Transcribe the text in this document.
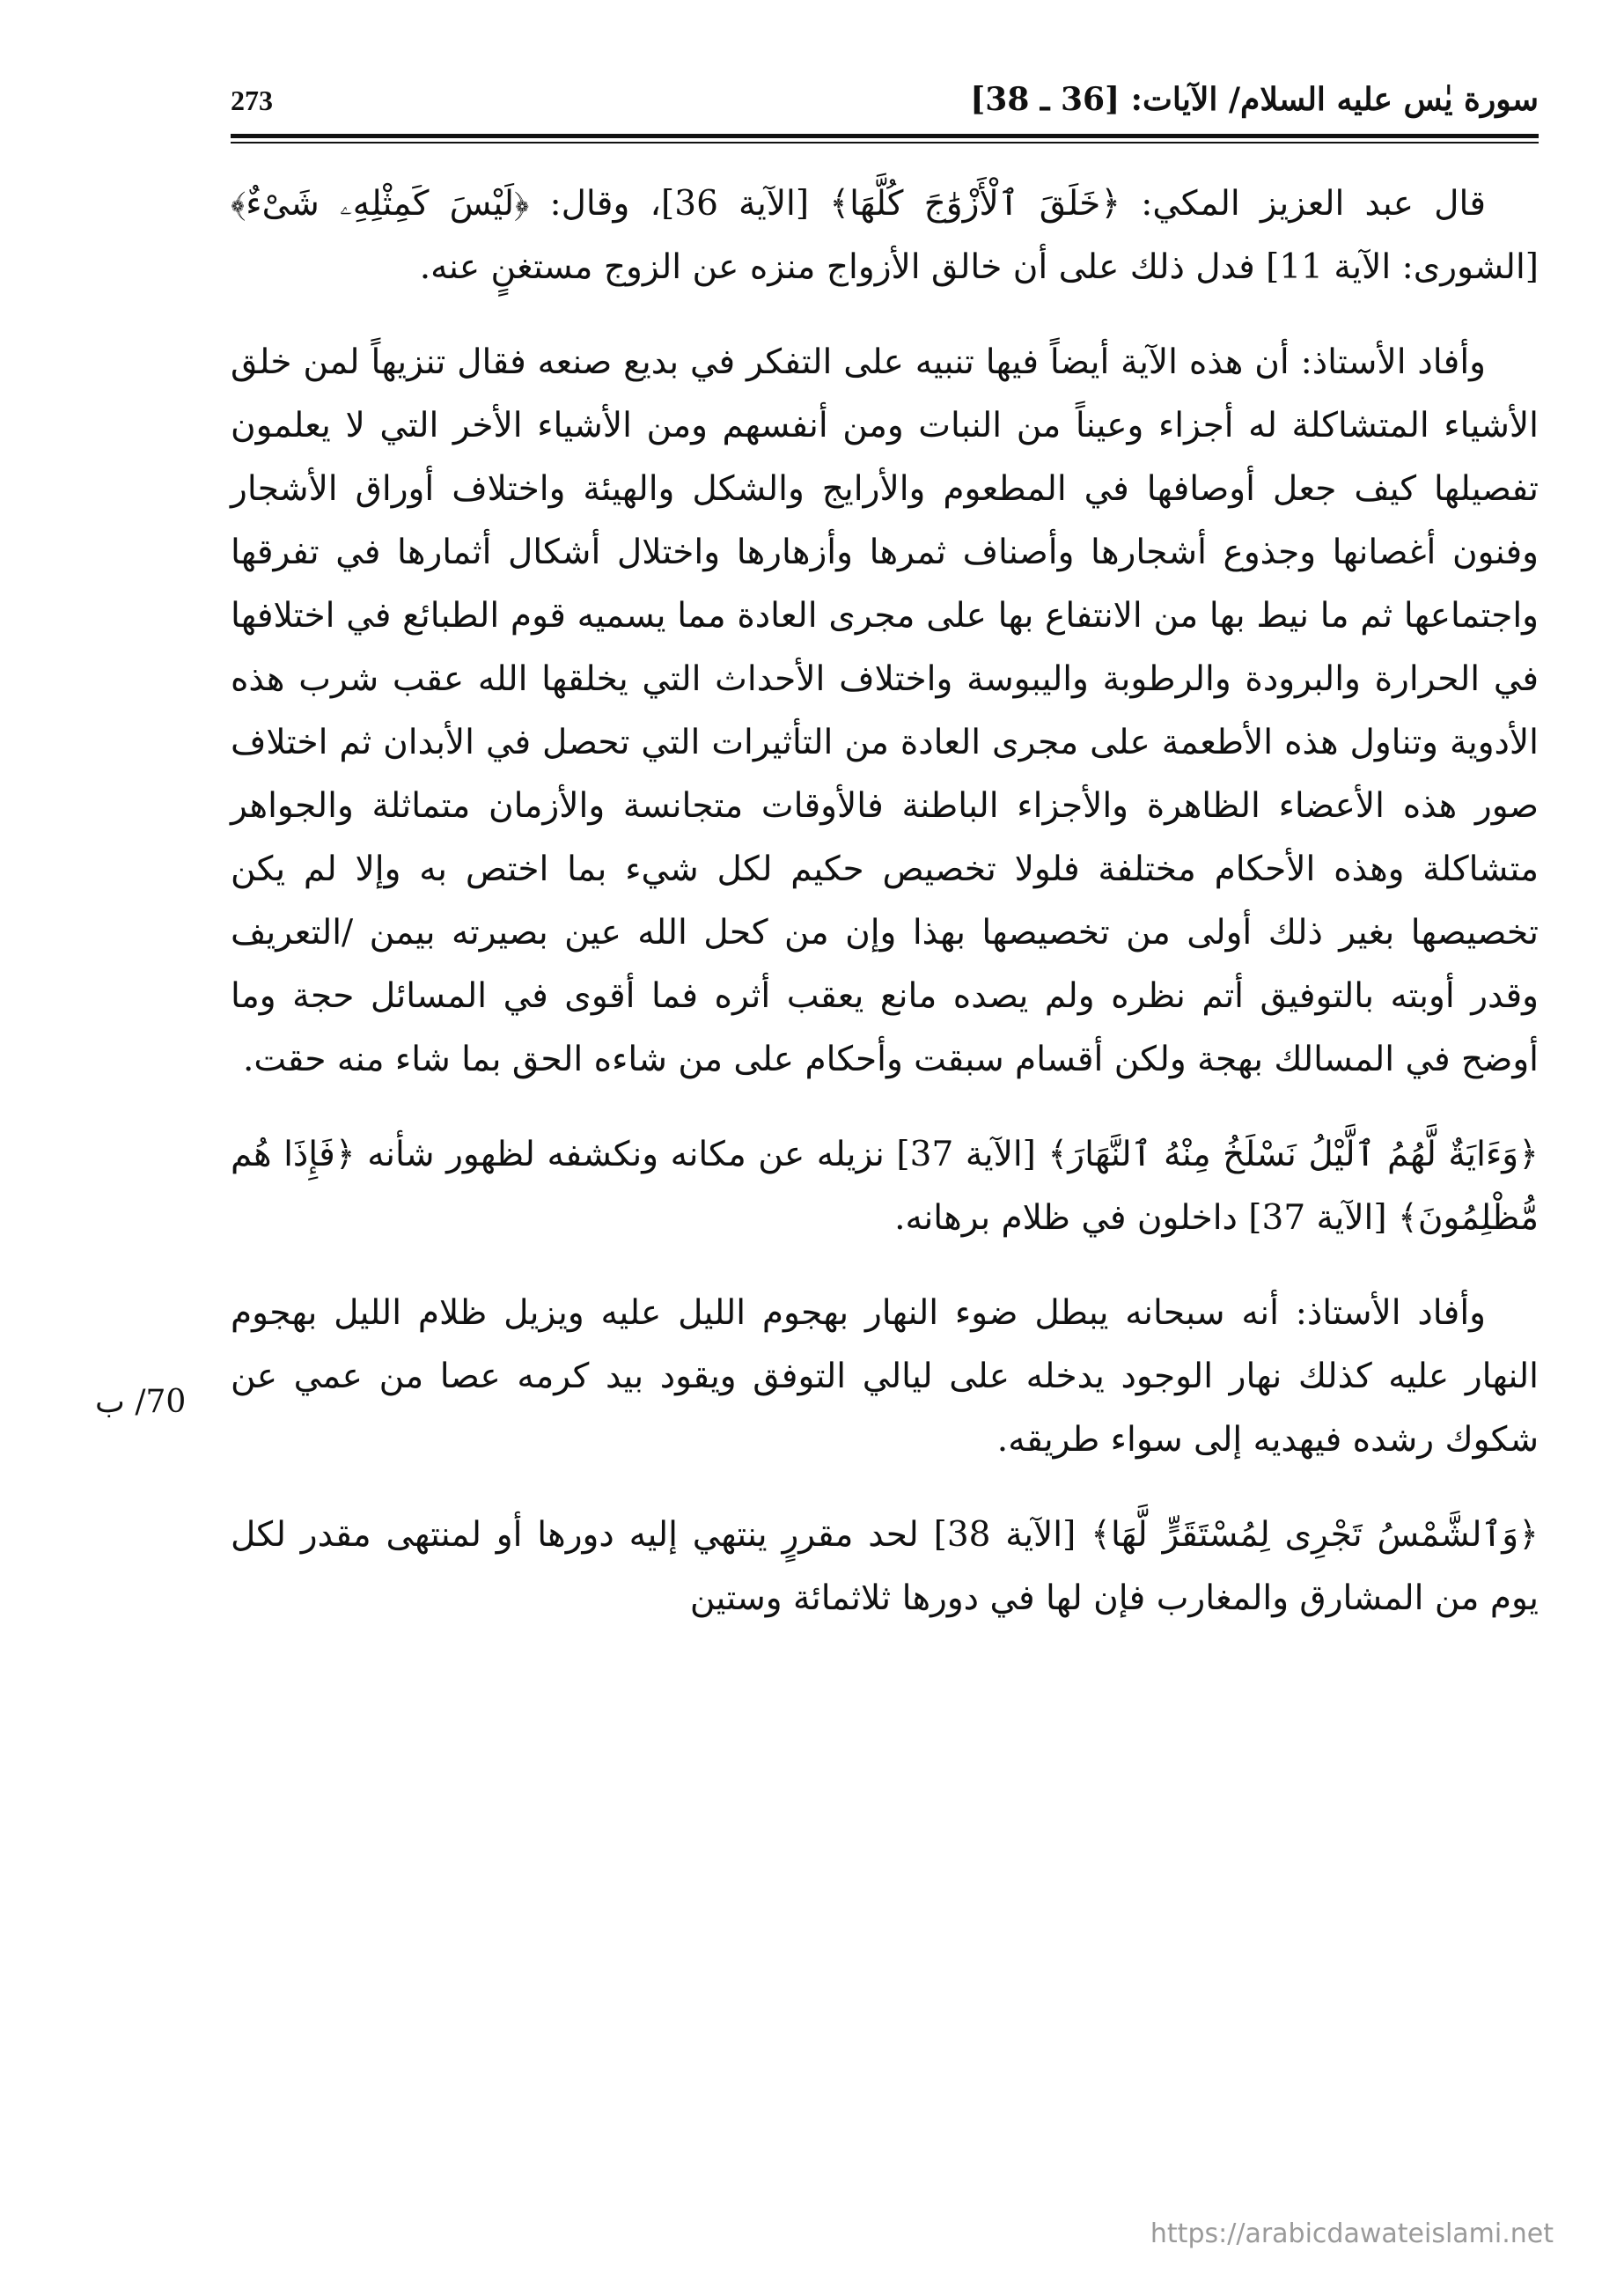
273	سورة يٰس عليه السلام/ الآيات: [36 ـ 38]

قال عبد العزيز المكي: ﴿خَلَقَ ٱلْأَزْوَٰجَ كُلَّهَا﴾ [الآية 36]، وقال: ﴿لَيْسَ كَمِثْلِهِۦ شَىْءٌ﴾ [الشورى: الآية 11] فدل ذلك على أن خالق الأزواج منزه عن الزوج مستغنٍ عنه.

وأفاد الأستاذ: أن هذه الآية أيضاً فيها تنبيه على التفكر في بديع صنعه فقال تنزيهاً لمن خلق الأشياء المتشاكلة له أجزاء وعيناً من النبات ومن أنفسهم ومن الأشياء الأخر التي لا يعلمون تفصيلها كيف جعل أوصافها في المطعوم والأرايج والشكل والهيئة واختلاف أوراق الأشجار وفنون أغصانها وجذوع أشجارها وأصناف ثمرها وأزهارها واختلال أشكال أثمارها في تفرقها واجتماعها ثم ما نيط بها من الانتفاع بها على مجرى العادة مما يسميه قوم الطبائع في اختلافها في الحرارة والبرودة والرطوبة واليبوسة واختلاف الأحداث التي يخلقها الله عقب شرب هذه الأدوية وتناول هذه الأطعمة على مجرى العادة من التأثيرات التي تحصل في الأبدان ثم اختلاف صور هذه الأعضاء الظاهرة والأجزاء الباطنة فالأوقات متجانسة والأزمان متماثلة والجواهر متشاكلة وهذه الأحكام مختلفة فلولا تخصيص حكيم لكل شيء بما اختص به وإلا لم يكن تخصيصها بغير ذلك أولى من تخصيصها بهذا وإن من كحل الله عين بصيرته بيمن /التعريف وقدر أوبته بالتوفيق أتم نظره ولم يصده مانع يعقب أثره فما أقوى في المسائل حجة وما أوضح في المسالك بهجة ولكن أقسام سبقت وأحكام على من شاءه الحق بما شاء منه حقت.

﴿وَءَايَةٌ لَّهُمُ ٱلَّيْلُ نَسْلَخُ مِنْهُ ٱلنَّهَارَ﴾ [الآية 37] نزيله عن مكانه ونكشفه لظهور شأنه ﴿فَإِذَا هُم مُّظْلِمُونَ﴾ [الآية 37] داخلون في ظلام برهانه.

وأفاد الأستاذ: أنه سبحانه يبطل ضوء النهار بهجوم الليل عليه ويزيل ظلام الليل بهجوم النهار عليه كذلك نهار الوجود يدخله على ليالي التوفق ويقود بيد كرمه عصا من عمي عن شكوك رشده فيهديه إلى سواء طريقه.

﴿وَٱلشَّمْسُ تَجْرِى لِمُسْتَقَرٍّ لَّهَا﴾ [الآية 38] لحد مقررٍ ينتهي إليه دورها أو لمنتهى مقدر لكل يوم من المشارق والمغارب فإن لها في دورها ثلاثمائة وستين

70/ ب
https://arabicdawateislami.net
